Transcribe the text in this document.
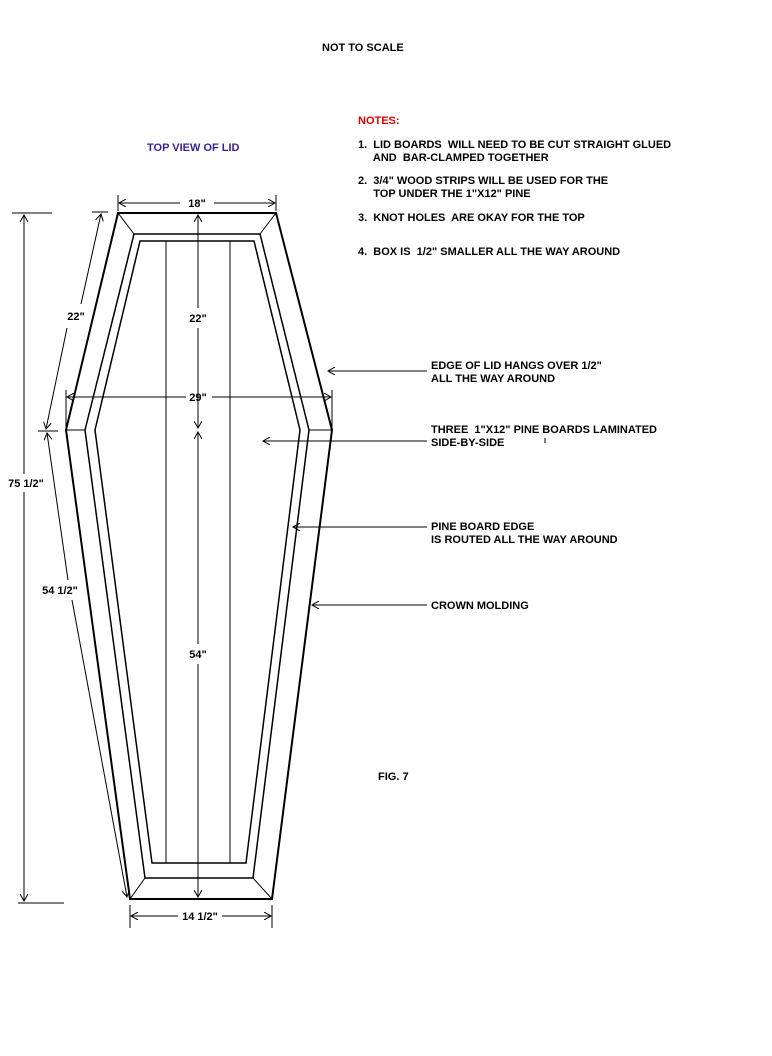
NOT TO SCALE
TOP VIEW OF LID
NOTES:
1.  LID BOARDS  WILL NEED TO BE CUT STRAIGHT GLUED
AND  BAR-CLAMPED TOGETHER
2.  3/4" WOOD STRIPS WILL BE USED FOR THE
TOP UNDER THE 1"X12" PINE
3.  KNOT HOLES  ARE OKAY FOR THE TOP
4.  BOX IS  1/2" SMALLER ALL THE WAY AROUND
EDGE OF LID HANGS OVER 1/2"
ALL THE WAY AROUND
THREE  1"X12" PINE BOARDS LAMINATED
SIDE-BY-SIDE
PINE BOARD EDGE
IS ROUTED ALL THE WAY AROUND
CROWN MOLDING
FIG. 7
18"
22"	22"
29"
75 1/2"
54 1/2"
54"
14 1/2"
